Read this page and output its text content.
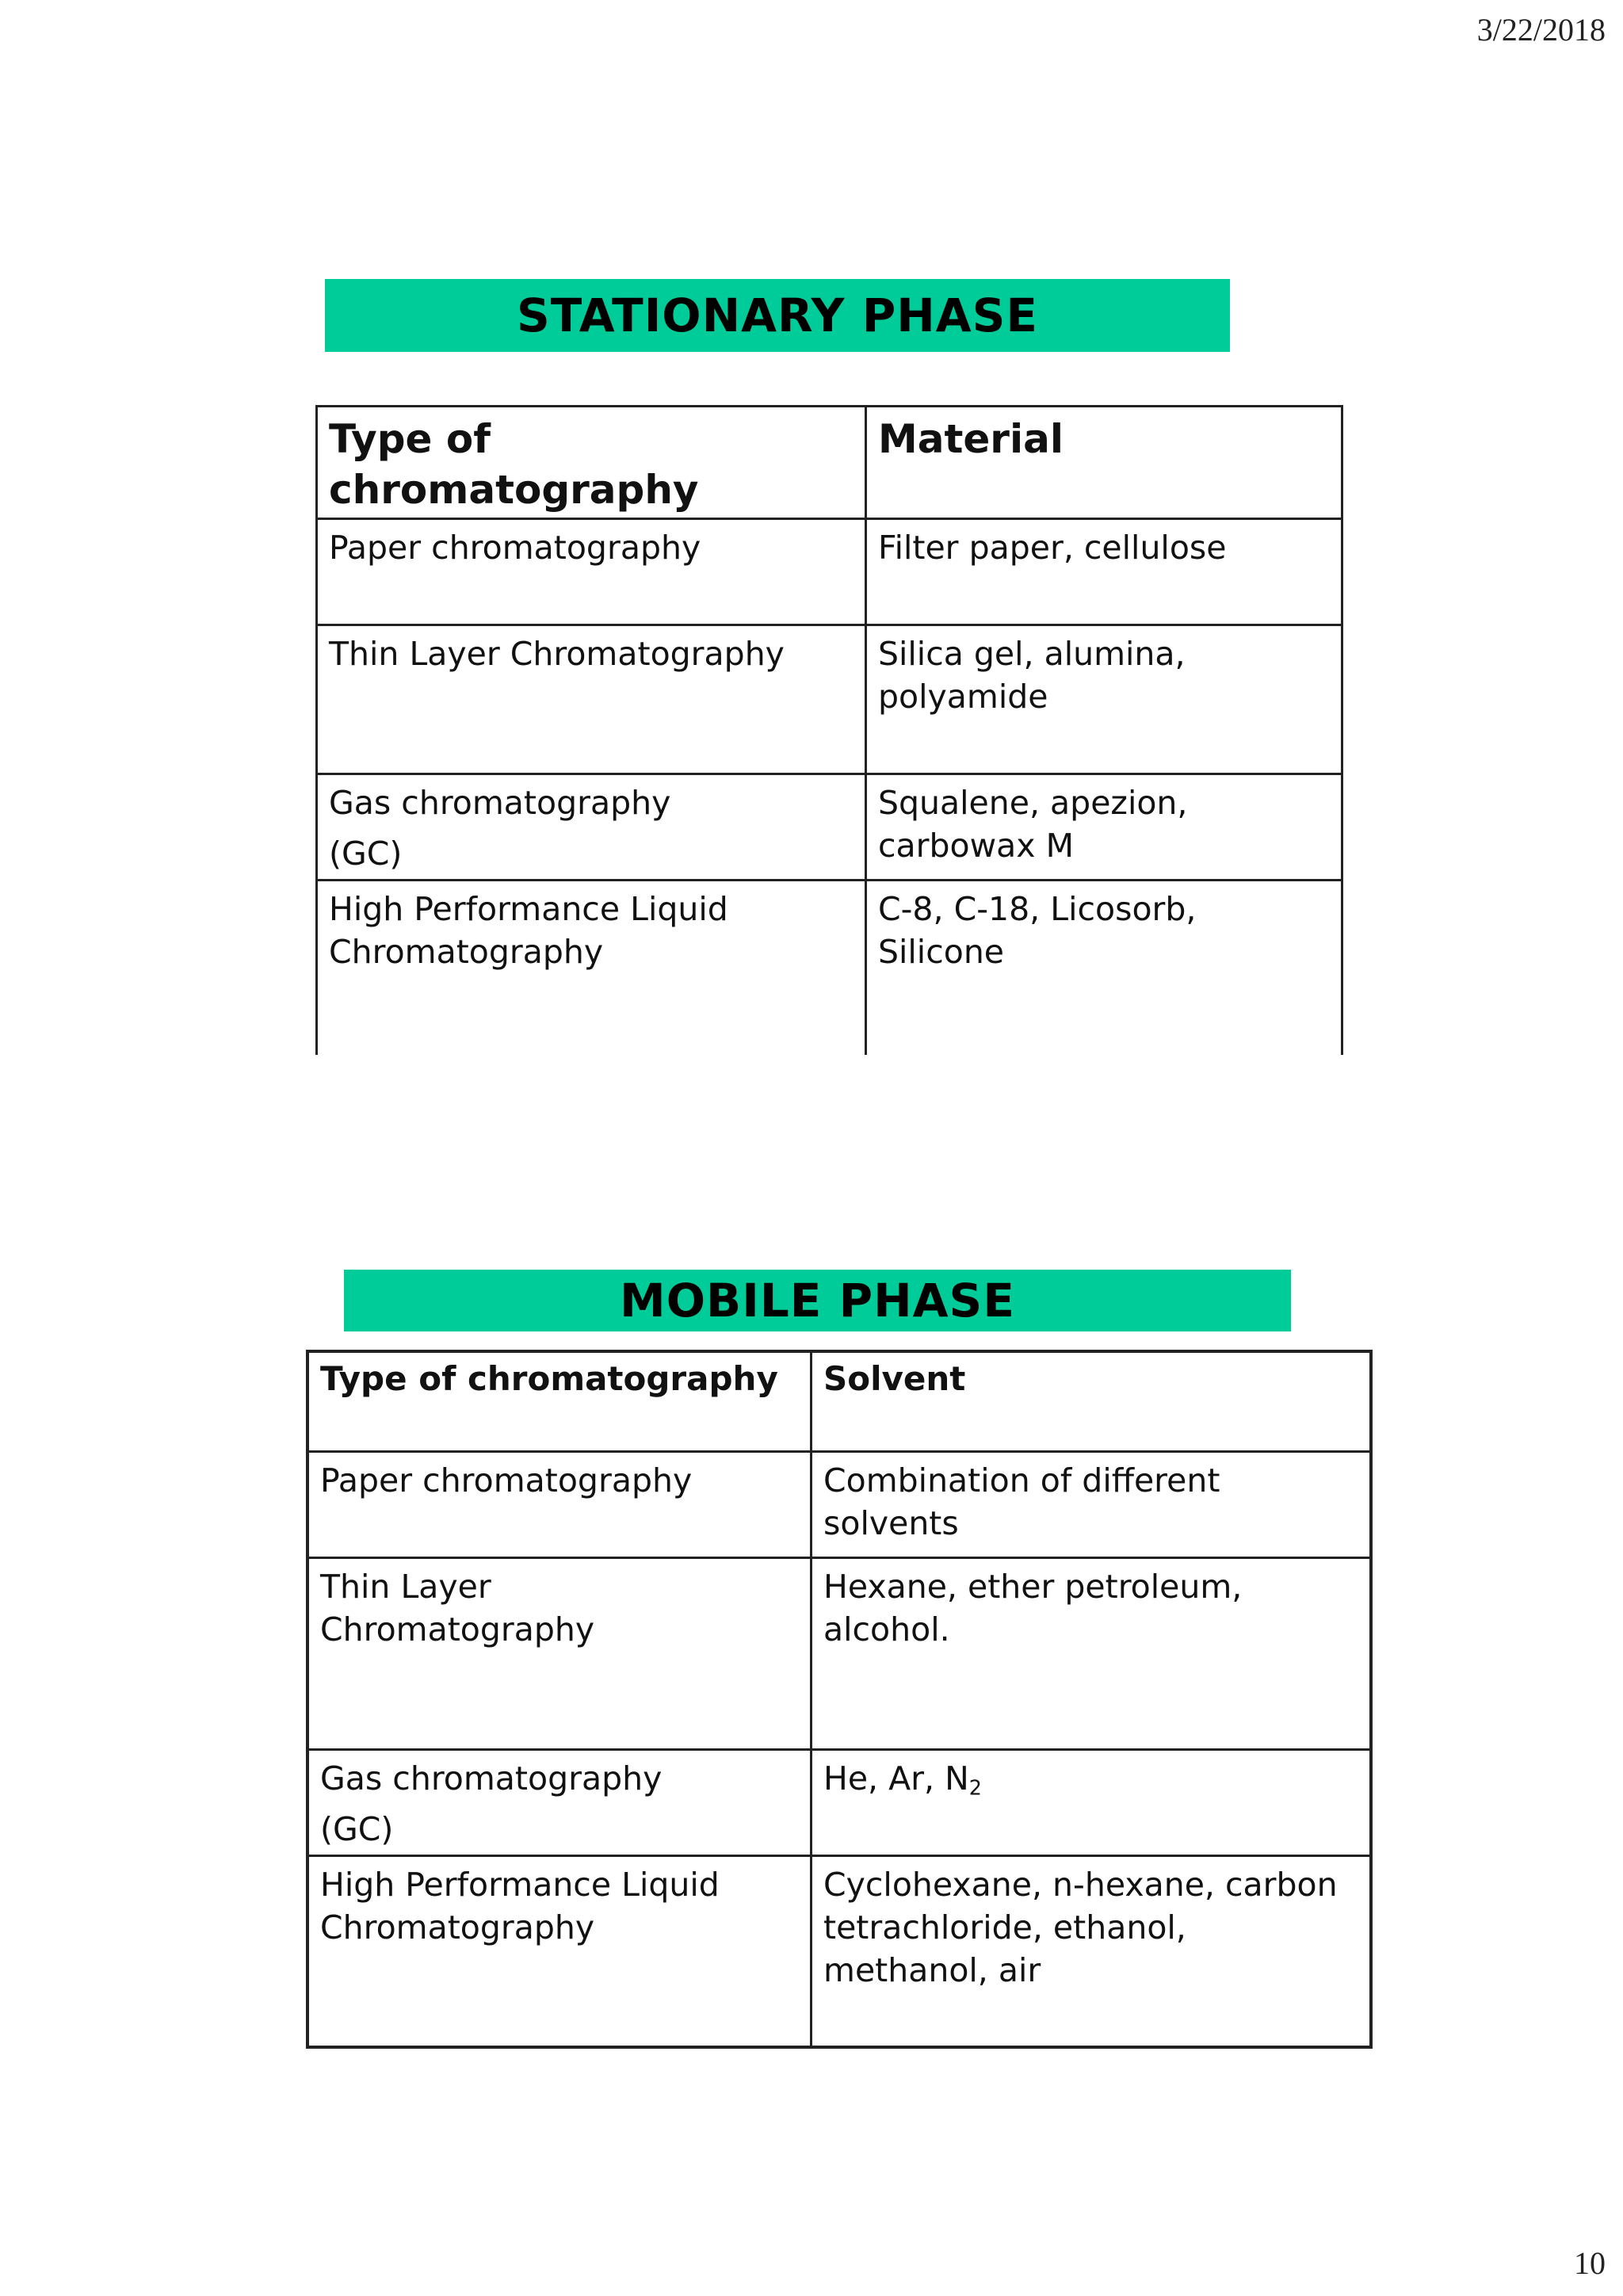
3/22/2018
STATIONARY PHASE
Type of chromatography	Material
Paper chromatography	Filter paper, cellulose
Thin Layer Chromatography	Silica gel, alumina,
polyamide

Gas chromatography
(GC)	Squalene, apezion,
carbowax M

High Performance Liquid
Chromatography	C-8, C-18, Licosorb,
Silicone
MOBILE PHASE
Type of chromatography	Solvent
Paper chromatography	Combination of different
solvents

Thin Layer
Chromatography	Hexane, ether petroleum,
alcohol.

Gas chromatography
(GC)	He, Ar, $N_2$

High Performance Liquid
Chromatography	Cyclohexane, n-hexane, carbon
tetrachloride, ethanol,
methanol, air
10
